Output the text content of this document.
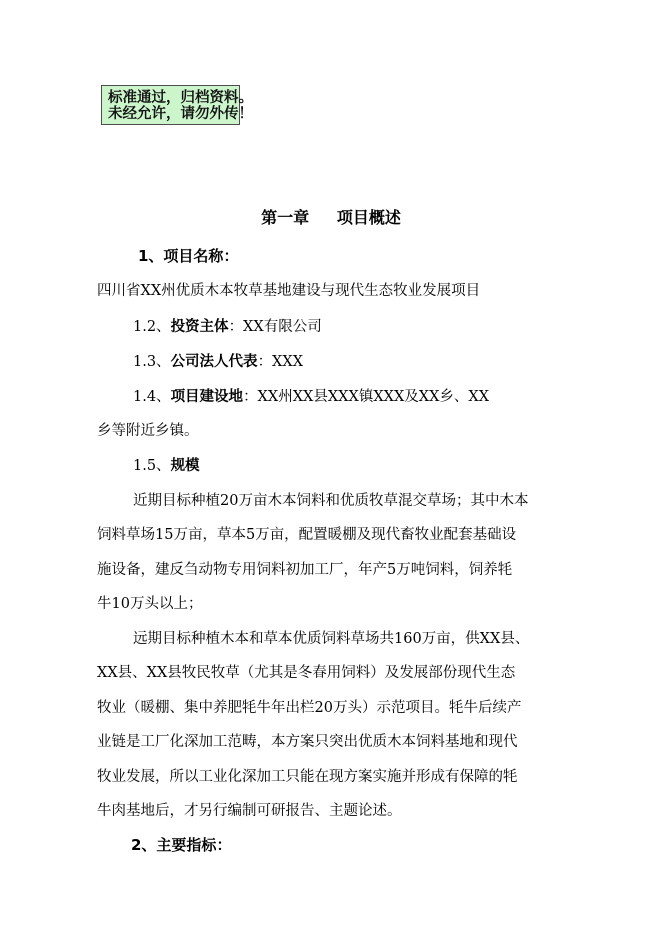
标准通过，归档资料。
未经允许，请勿外传！
第一章     项目概述
1、项目名称：
四川省XX州优质木本牧草基地建设与现代生态牧业发展项目
1.2、投资主体：XX有限公司
1.3、公司法人代表：XXX
1.4、项目建设地：XX州XX县XXX镇XXX及XX乡、XX
乡等附近乡镇。
1.5、规模
近期目标种植20万亩木本饲料和优质牧草混交草场；其中木本
饲料草场15万亩，草本5万亩，配置暖棚及现代畜牧业配套基础设
施设备，建反刍动物专用饲料初加工厂，年产5万吨饲料，饲养牦
牛10万头以上；
远期目标种植木本和草本优质饲料草场共160万亩，供XX县、
XX县、XX县牧民牧草（尤其是冬春用饲料）及发展部份现代生态
牧业（暖棚、集中养肥牦牛年出栏20万头）示范项目。牦牛后续产
业链是工厂化深加工范畴，本方案只突出优质木本饲料基地和现代
牧业发展，所以工业化深加工只能在现方案实施并形成有保障的牦
牛肉基地后，才另行编制可研报告、主题论述。
2、主要指标：
